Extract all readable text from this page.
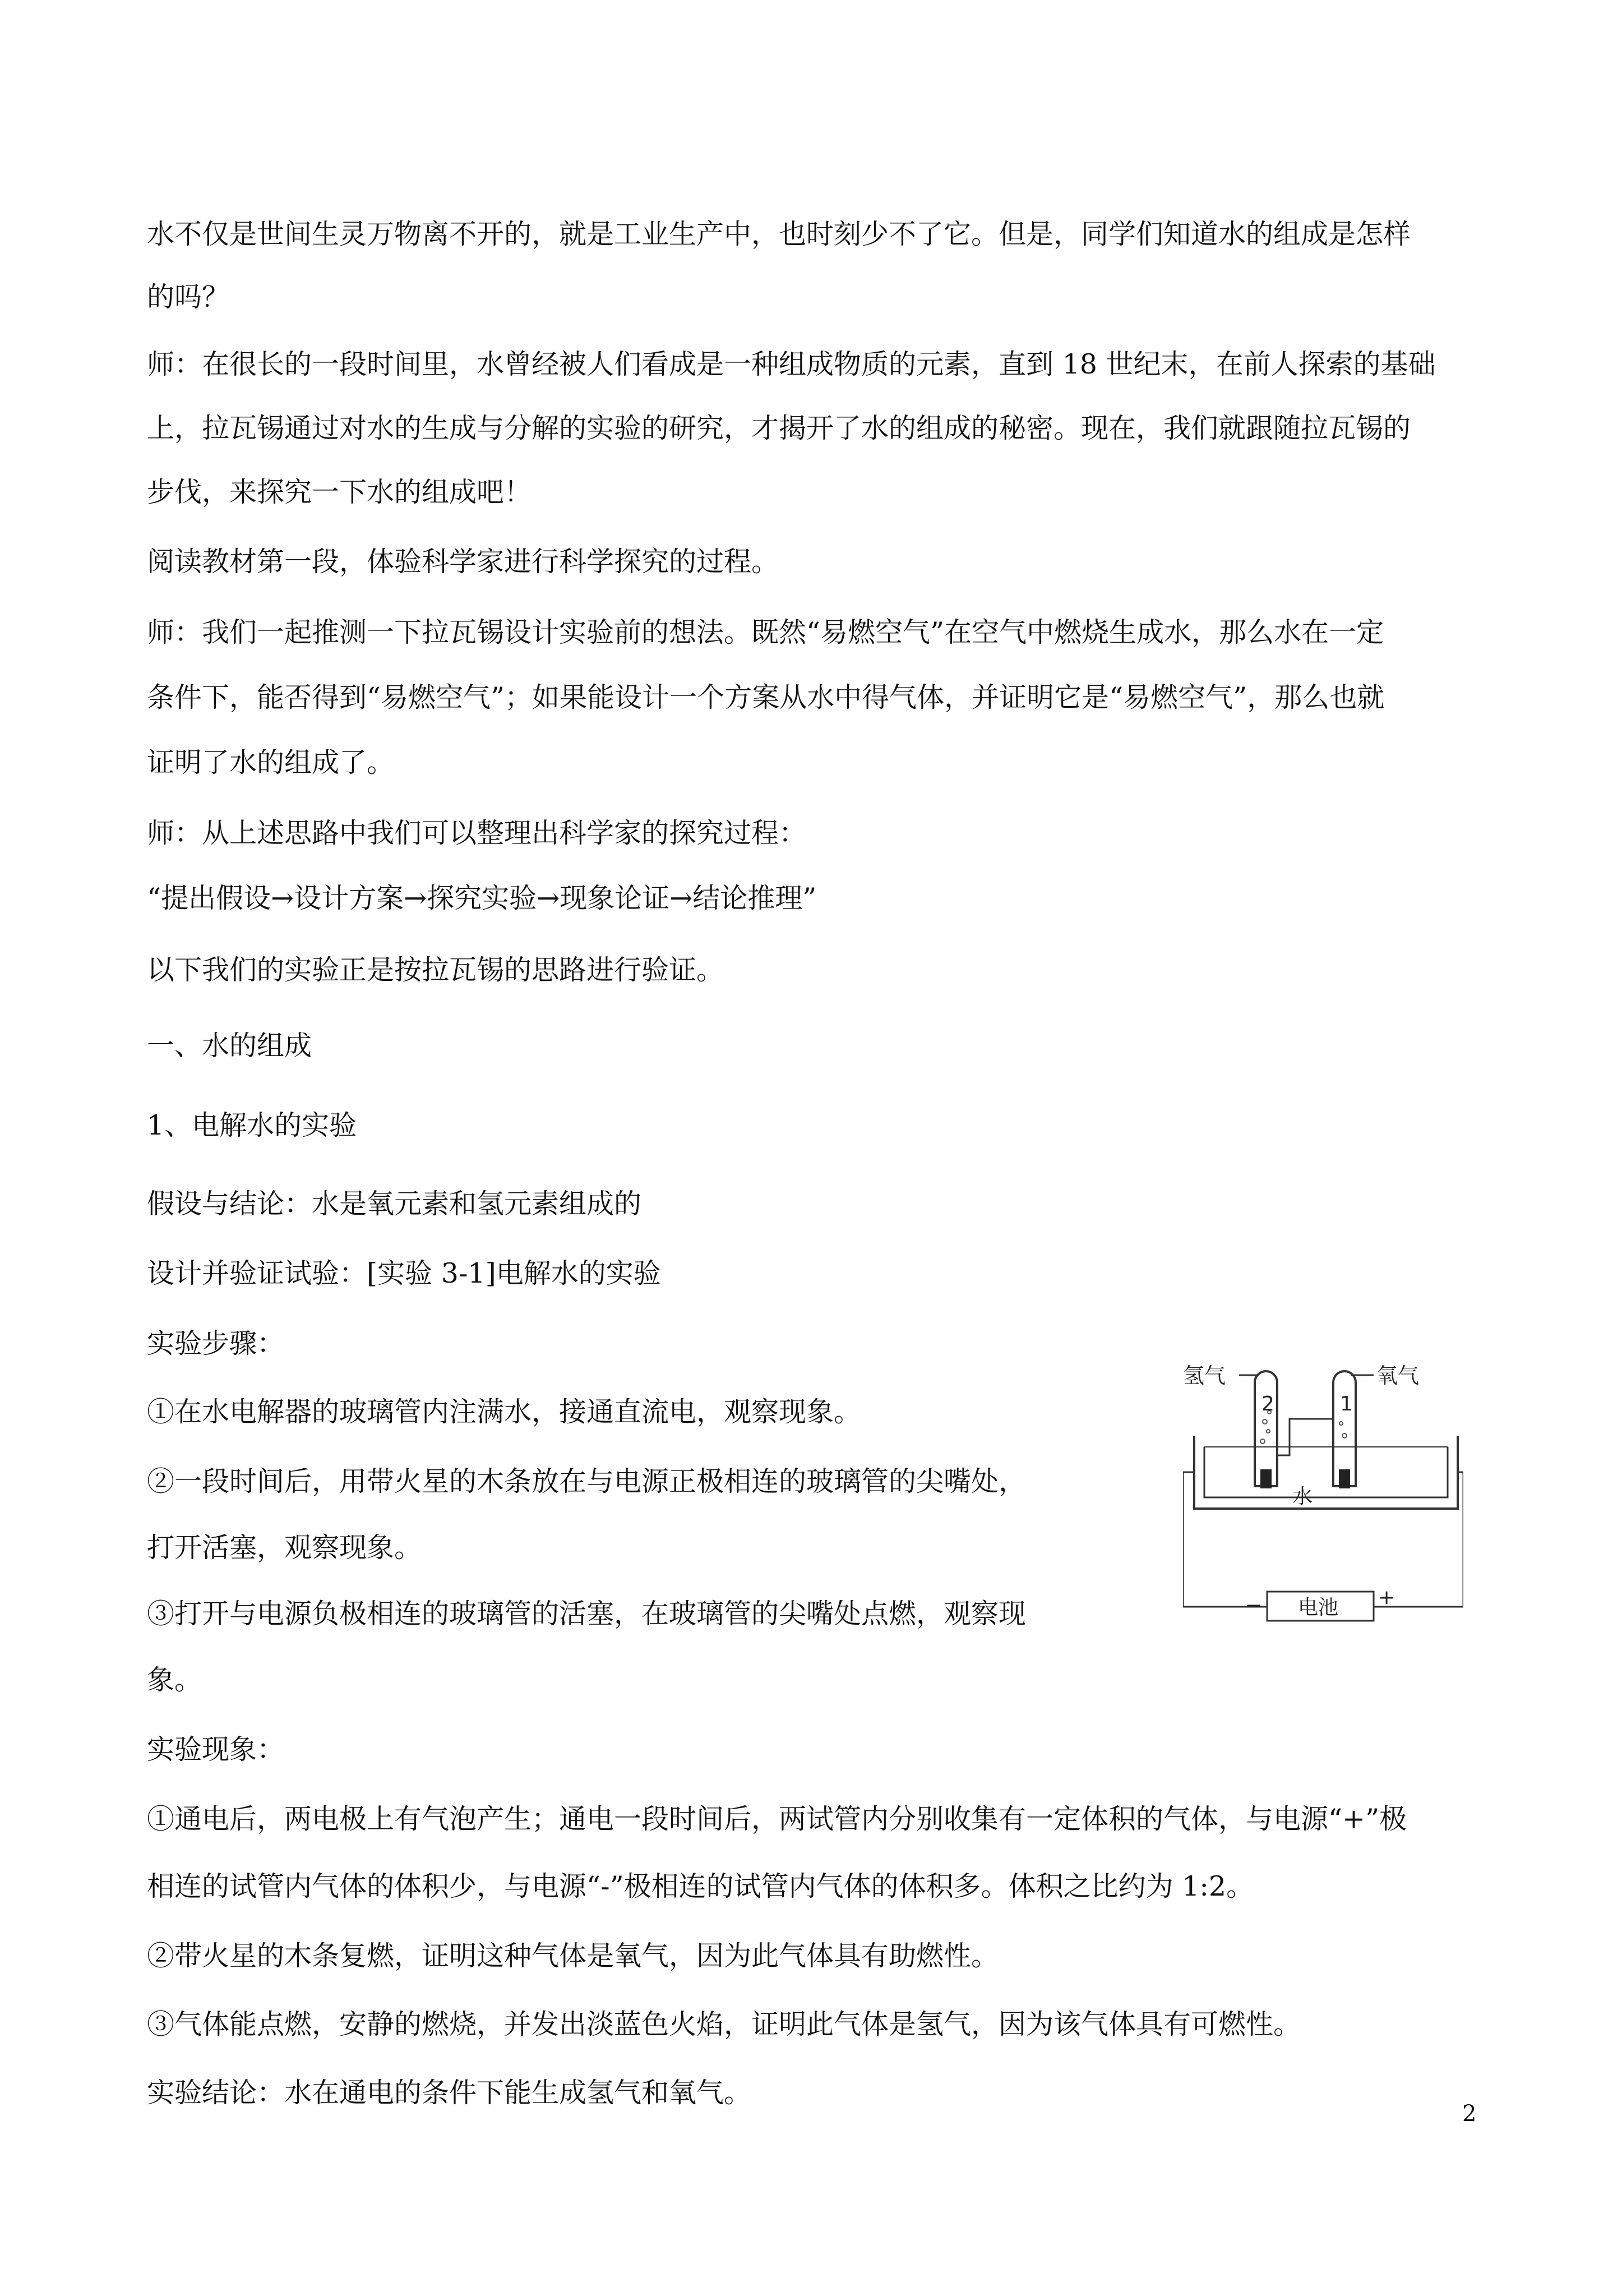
水不仅是世间生灵万物离不开的，就是工业生产中，也时刻少不了它。但是，同学们知道水的组成是怎样
的吗？
师：在很长的一段时间里，水曾经被人们看成是一种组成物质的元素，直到 18 世纪末，在前人探索的基础
上，拉瓦锡通过对水的生成与分解的实验的研究，才揭开了水的组成的秘密。现在，我们就跟随拉瓦锡的
步伐，来探究一下水的组成吧！
阅读教材第一段，体验科学家进行科学探究的过程。
师：我们一起推测一下拉瓦锡设计实验前的想法。既然“易燃空气”在空气中燃烧生成水，那么水在一定
条件下，能否得到“易燃空气”；如果能设计一个方案从水中得气体，并证明它是“易燃空气”，那么也就
证明了水的组成了。
师：从上述思路中我们可以整理出科学家的探究过程：
“提出假设→设计方案→探究实验→现象论证→结论推理”
以下我们的实验正是按拉瓦锡的思路进行验证。
一、水的组成
1、电解水的实验
假设与结论：水是氧元素和氢元素组成的
设计并验证试验：[实验 3-1]电解水的实验
实验步骤：
①在水电解器的玻璃管内注满水，接通直流电，观察现象。
②一段时间后，用带火星的木条放在与电源正极相连的玻璃管的尖嘴处，
打开活塞，观察现象。
③打开与电源负极相连的玻璃管的活塞，在玻璃管的尖嘴处点燃，观察现
象。
实验现象：
①通电后，两电极上有气泡产生；通电一段时间后，两试管内分别收集有一定体积的气体，与电源“+”极
相连的试管内气体的体积少，与电源“-”极相连的试管内气体的体积多。体积之比约为 1:2。
②带火星的木条复燃，证明这种气体是氧气，因为此气体具有助燃性。
③气体能点燃，安静的燃烧，并发出淡蓝色火焰，证明此气体是氢气，因为该气体具有可燃性。
实验结论：水在通电的条件下能生成氢气和氧气。
氢气	氧气
2	1
水
− 电池 +
2
